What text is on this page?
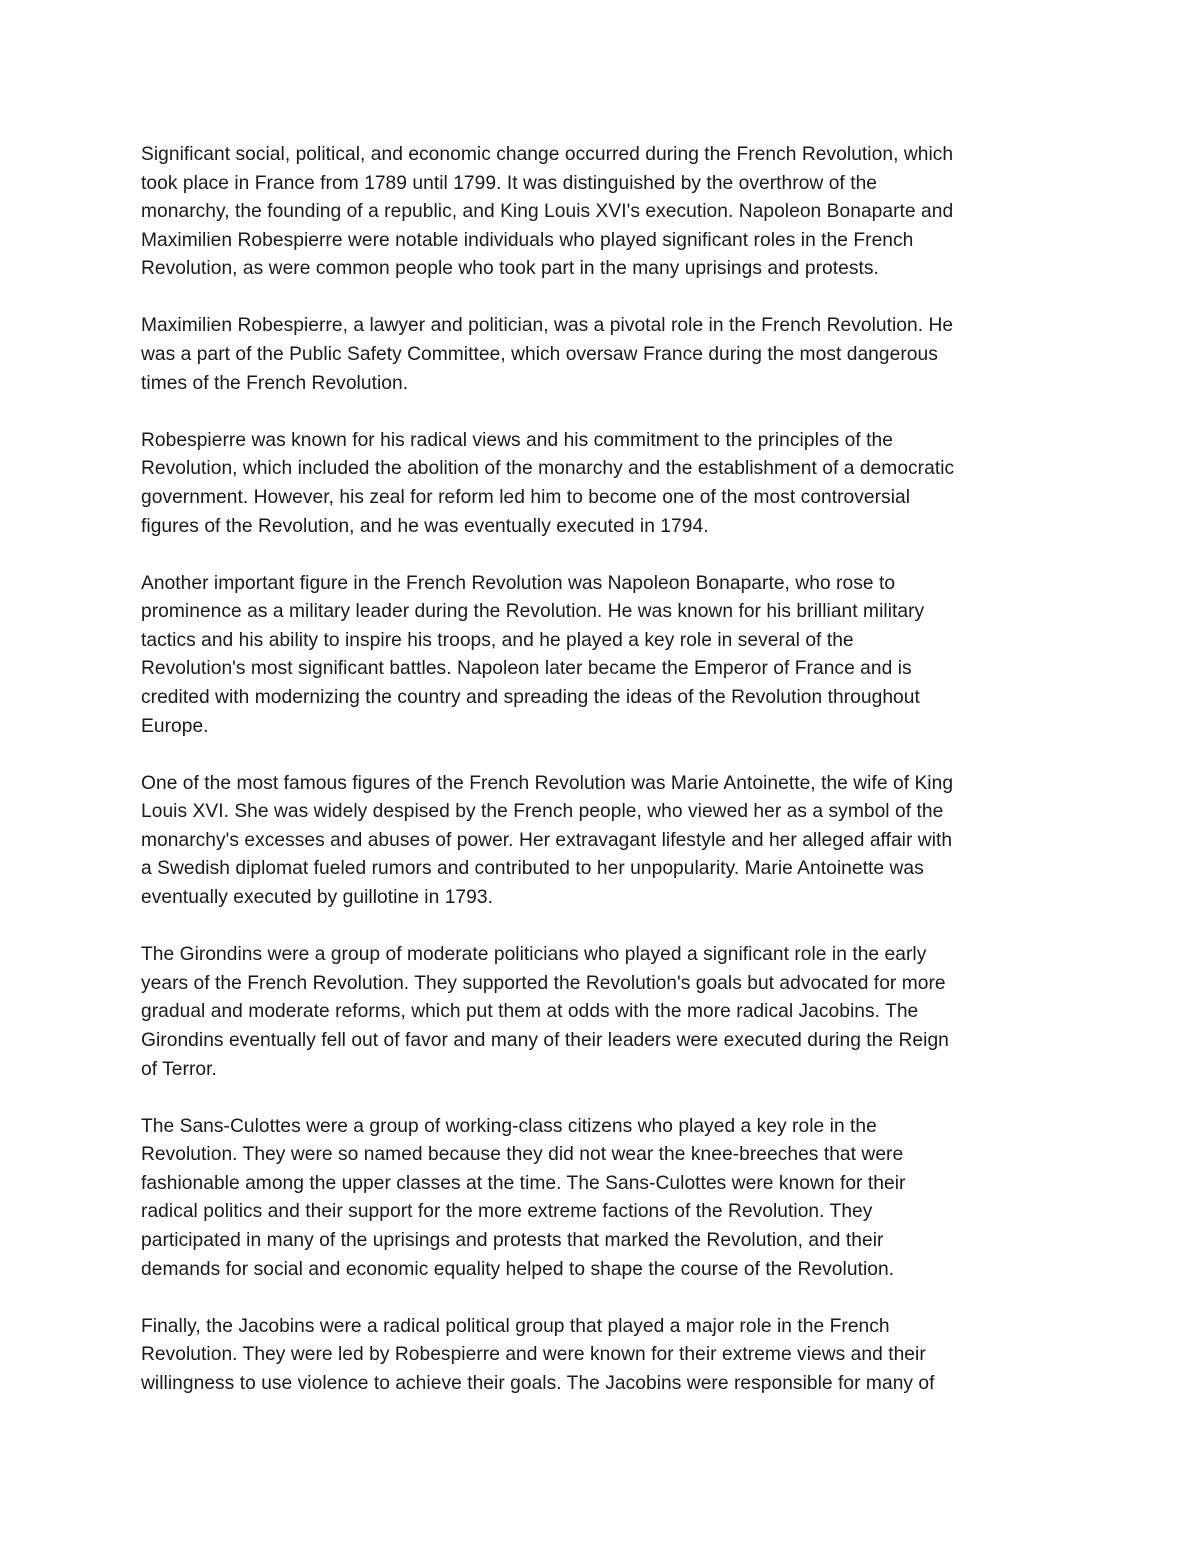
Significant social, political, and economic change occurred during the French Revolution, which
took place in France from 1789 until 1799. It was distinguished by the overthrow of the
monarchy, the founding of a republic, and King Louis XVI's execution. Napoleon Bonaparte and
Maximilien Robespierre were notable individuals who played significant roles in the French
Revolution, as were common people who took part in the many uprisings and protests.

Maximilien Robespierre, a lawyer and politician, was a pivotal role in the French Revolution. He
was a part of the Public Safety Committee, which oversaw France during the most dangerous
times of the French Revolution.

Robespierre was known for his radical views and his commitment to the principles of the
Revolution, which included the abolition of the monarchy and the establishment of a democratic
government. However, his zeal for reform led him to become one of the most controversial
figures of the Revolution, and he was eventually executed in 1794.

Another important figure in the French Revolution was Napoleon Bonaparte, who rose to
prominence as a military leader during the Revolution. He was known for his brilliant military
tactics and his ability to inspire his troops, and he played a key role in several of the
Revolution's most significant battles. Napoleon later became the Emperor of France and is
credited with modernizing the country and spreading the ideas of the Revolution throughout
Europe.

One of the most famous figures of the French Revolution was Marie Antoinette, the wife of King
Louis XVI. She was widely despised by the French people, who viewed her as a symbol of the
monarchy's excesses and abuses of power. Her extravagant lifestyle and her alleged affair with
a Swedish diplomat fueled rumors and contributed to her unpopularity. Marie Antoinette was
eventually executed by guillotine in 1793.

The Girondins were a group of moderate politicians who played a significant role in the early
years of the French Revolution. They supported the Revolution's goals but advocated for more
gradual and moderate reforms, which put them at odds with the more radical Jacobins. The
Girondins eventually fell out of favor and many of their leaders were executed during the Reign
of Terror.

The Sans-Culottes were a group of working-class citizens who played a key role in the
Revolution. They were so named because they did not wear the knee-breeches that were
fashionable among the upper classes at the time. The Sans-Culottes were known for their
radical politics and their support for the more extreme factions of the Revolution. They
participated in many of the uprisings and protests that marked the Revolution, and their
demands for social and economic equality helped to shape the course of the Revolution.

Finally, the Jacobins were a radical political group that played a major role in the French
Revolution. They were led by Robespierre and were known for their extreme views and their
willingness to use violence to achieve their goals. The Jacobins were responsible for many of
